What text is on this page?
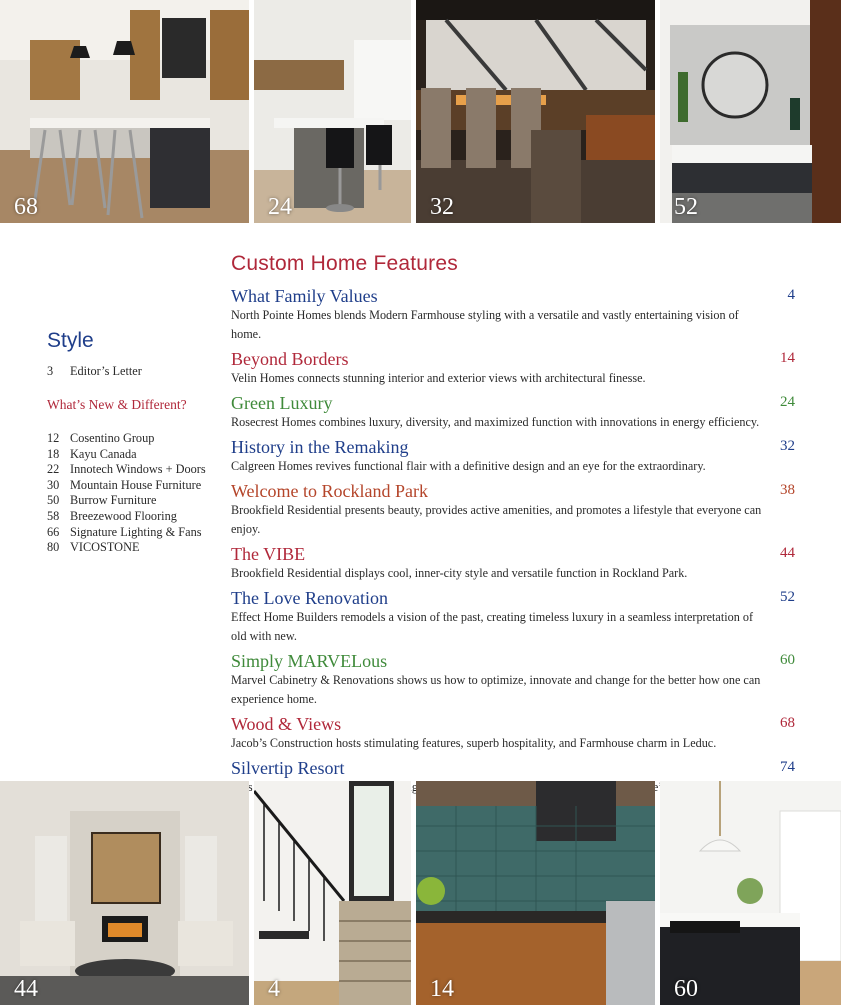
68	24	32	52
Custom Home Features
What Family Values	4
North Pointe Homes blends Modern Farmhouse styling with a versatile and vastly entertaining vision of home.
Beyond Borders	14
Velin Homes connects stunning interior and exterior views with architectural finesse.
Green Luxury	24
Rosecrest Homes combines luxury, diversity, and maximized function with innovations in energy efficiency.
History in the Remaking	32
Calgreen Homes revives functional flair with a definitive design and an eye for the extraordinary.
Welcome to Rockland Park	38
Brookfield Residential presents beauty, provides active amenities, and promotes a lifestyle that everyone can enjoy.
The VIBE	44
Brookfield Residential displays cool, inner-city style and versatile function in Rockland Park.
The Love Renovation	52
Effect Home Builders remodels a vision of the past, creating timeless luxury in a seamless interpretation of old with new.
Simply MARVELous	60
Marvel Cabinetry & Renovations shows us how to optimize, innovate and change for the better how one can experience home.
Wood & Views	68
Jacob’s Construction hosts stimulating features, superb hospitality, and Farmhouse charm in Leduc.
Silvertip Resort	74
Style
3 Editor’s Letter
What’s New & Different?
12 Cosentino Group
18 Kayu Canada
22 Innotech Windows + Doors
30 Mountain House Furniture
50 Burrow Furniture
58 Breezewood Flooring
66 Signature Lighting & Fans
80 VICOSTONE
44	4	14	60
